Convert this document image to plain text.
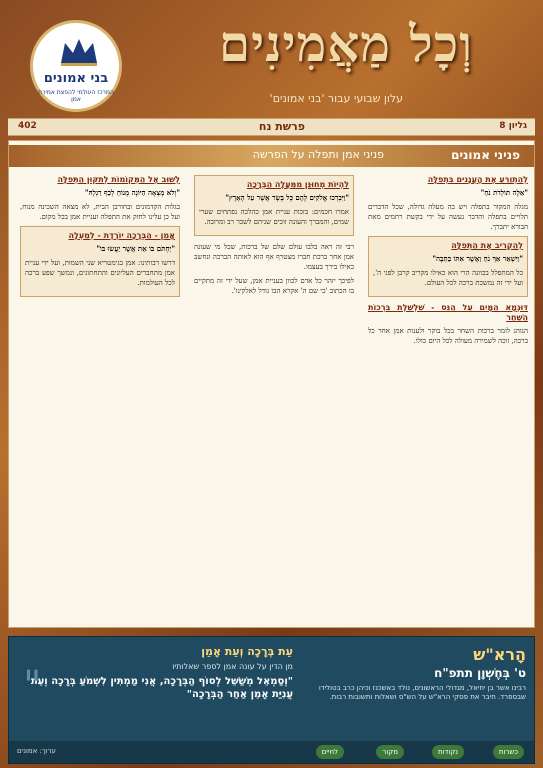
וְכָל מַאֲמִינִים
עלון שבועי עבור 'בני אמונים'
בני אמונים
המרכז העולמי להפצת אמירת אמן
גליון 8
פרשת נח
402
פניני אמונים
פניני אמן ותפלה על הפרשה
לְהַתְוַרֵּעַ אֶת הָעֲנָנִים בִּתְפִלָּה

"אֵלֶּה תּוֹלְדֹת נֹחַ"

מגלה המקור בתפלה ויש בה מעלה גדולה, שכל הדברים תלויים בתפלה והדבר נעשה על ידי בקשת רחמים מאת הבורא יתברך.

לְהַקְרִיב אֶת הַתְּפִלָּה

"וַיִּשְׁאַר אַךְ נֹחַ וַאֲשֶׁר אִתּוֹ בַּתֵּבָה"

כל המתפלל בכוונה הרי הוא כאילו מקריב קרבן לפני ה', ועל ידי זה נמשכת ברכה לכל העולם.

דּוּגְמָא הַמָּיִם עַל הַנֵּס - שִׁלְשֵׁלֶת בִּרְכוֹת הַשַּׁחַר

הנוהג לומר ברכות השחר בכל בוקר ולענות אמן אחר כל ברכה, זוכה לשמירה מעולה לכל היום כולו.

לִהְיוֹת מְחוּנַּן מִמַּעֲלָה הַבְּרָכָה

"וַיִּבְרְכוּ אֱלֹקִים לָהֶם כָּל בָּשָׂר אֲשֶׁר עַל הָאָרֶץ"

אמרו חכמים: בזכות עניית אמן כהלכה נפתחים שערי שמים, והמברך והעונה זוכים שניהם לשכר רב ומרובה.

רבי זה ראה בלבו עולם שלם של ברכות, שכל מי שעונה אמן אחר ברכת חברו מצטרף אף הוא לאותה הברכה ונחשב כאילו בירך בעצמו.

לפיכך יזהר כל אדם לכוון בעניית אמן, שעל ידי זה מתקיים בו הכתוב 'כי שם ה' אקרא הבו גודל לאלקינו'.

לְשׁוּב אֶל הַמְּקוֹמוֹת לְתִקּוּן הַתְּפִלָּה

"וְלֹא מָצְאָה הַיּוֹנָה מָנוֹחַ לְכַף רַגְלָהּ"

בגלות הקדמונים ובחורבן הבית, לא מצאה השכינה מנוח, ועל כן עלינו לחזק את התפלה ועניית אמן בכל מקום.

אָמֵן - הַבְּרָכָה יוֹרֶדֶת - לְמַעְלָה

"יַחְתֹּם בּוֹ אֵת אֲשֶׁר יַעֲשׂוּ בּוֹ"

דרשו רבותינו: אמן בגימטריא שני השמות, ועל ידי עניית אמן מתחברים העליונים והתחתונים, ונמשך שפע ברכה לכל העולמות.

הָרא"ש
ט' בְּחֶשְׁוָן תתפ"ח
רבינו אשר בן יחיאל, מגדולי הראשונים, נולד באשכנז וכיהן כרב בטולידו שבספרד. חיבר את פסקי הרא"ש על הש"ס ושאלות ותשובות רבות.
"
עֵת בְּרָכָה וְעֵת אָמֵן
מן הדין על עונה אמן לספר שאלותיו
"וְסַמְאֵל מְשַׁשֵּׁל לְסוֹף הַבְּרָכָה, אֲנִי מַמְתִּין לִשְׁמֹעַ בְּרָכָה וְעֵת עֲנִיַּת אָמֵן אַחַר הַבְּרָכָה"
כשרות
נקודות
מקור
לחיים
ערוך: אמונים
